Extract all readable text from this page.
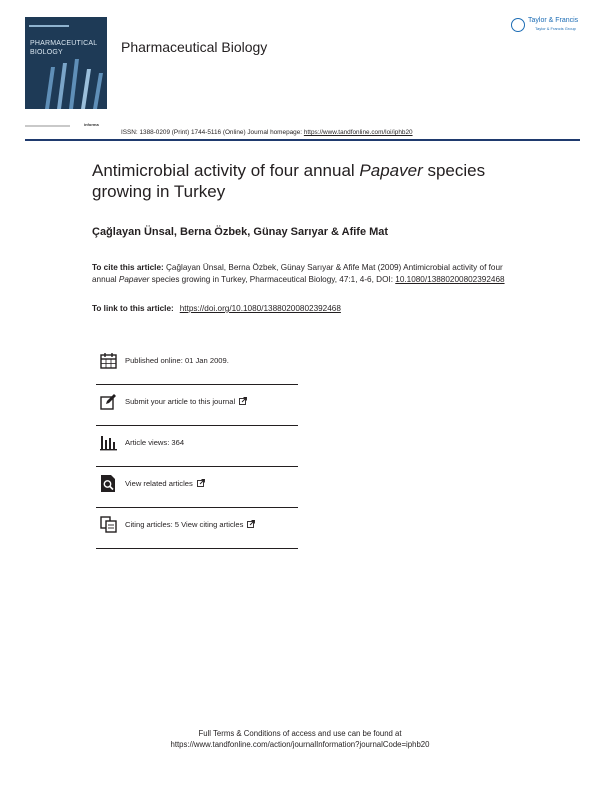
PHARMACEUTICAL
BIOLOGY
informa
Pharmaceutical Biology
Taylor & Francis
Taylor & Francis Group
ISSN: 1388-0209 (Print) 1744-5116 (Online) Journal homepage: https://www.tandfonline.com/loi/iphb20
Antimicrobial activity of four annual Papaver species growing in Turkey
Çağlayan Ünsal, Berna Özbek, Günay Sarıyar & Afife Mat
To cite this article: Çağlayan Ünsal, Berna Özbek, Günay Sarıyar & Afife Mat (2009) Antimicrobial activity of four annual Papaver species growing in Turkey, Pharmaceutical Biology, 47:1, 4-6, DOI: 10.1080/13880200802392468
To link to this article: https://doi.org/10.1080/13880200802392468
Published online: 01 Jan 2009.
Submit your article to this journal
Article views: 364
View related articles
Citing articles: 5 View citing articles
Full Terms & Conditions of access and use can be found at
https://www.tandfonline.com/action/journalInformation?journalCode=iphb20
